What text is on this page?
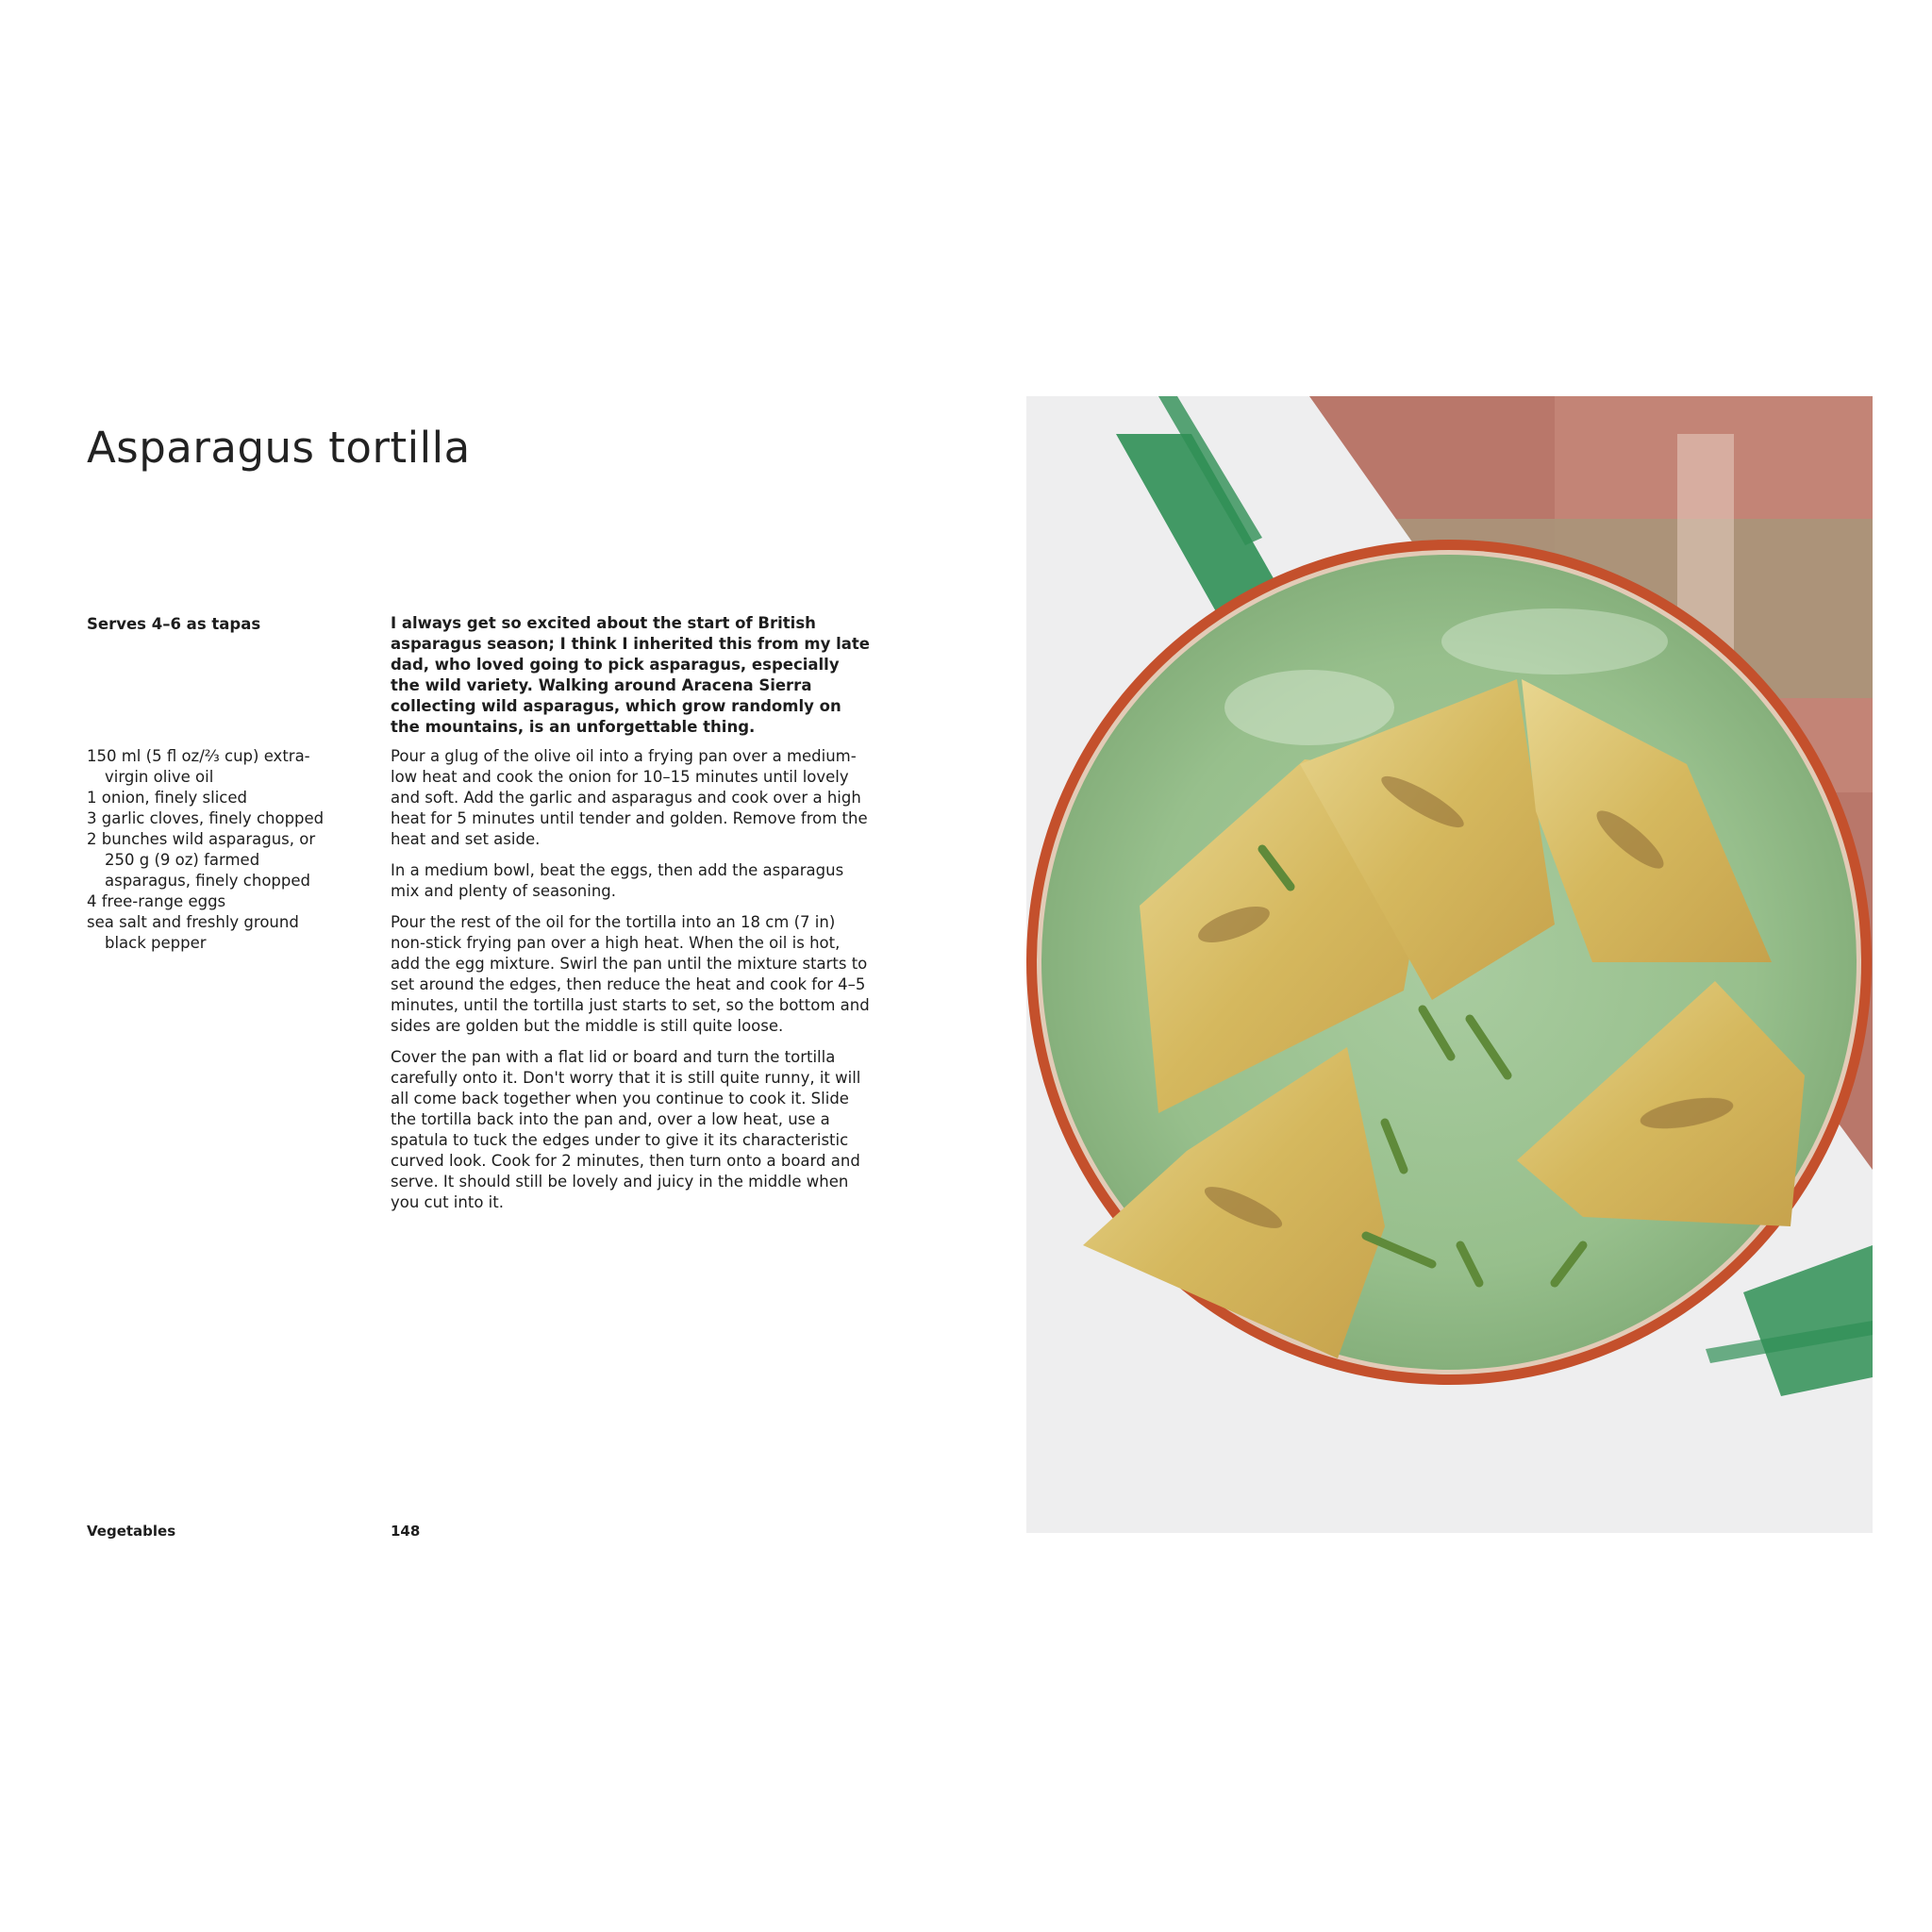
Asparagus tortilla

Serves 4–6 as tapas	I always get so excited about the start of British asparagus season; I think I inherited this from my late dad, who loved going to pick asparagus, especially the wild variety. Walking around Aracena Sierra collecting wild asparagus, which grow randomly on the mountains, is an unforgettable thing.

150 ml (5 fl oz/⅔ cup) extra-virgin olive oil
1 onion, finely sliced
3 garlic cloves, finely chopped
2 bunches wild asparagus, or 250 g (9 oz) farmed asparagus, finely chopped
4 free-range eggs
sea salt and freshly ground black pepper

Pour a glug of the olive oil into a frying pan over a medium-low heat and cook the onion for 10–15 minutes until lovely and soft. Add the garlic and asparagus and cook over a high heat for 5 minutes until tender and golden. Remove from the heat and set aside.

In a medium bowl, beat the eggs, then add the asparagus mix and plenty of seasoning.

Pour the rest of the oil for the tortilla into an 18 cm (7 in) non-stick frying pan over a high heat. When the oil is hot, add the egg mixture. Swirl the pan until the mixture starts to set around the edges, then reduce the heat and cook for 4–5 minutes, until the tortilla just starts to set, so the bottom and sides are golden but the middle is still quite loose.

Cover the pan with a flat lid or board and turn the tortilla carefully onto it. Don't worry that it is still quite runny, it will all come back together when you continue to cook it. Slide the tortilla back into the pan and, over a low heat, use a spatula to tuck the edges under to give it its characteristic curved look. Cook for 2 minutes, then turn onto a board and serve. It should still be lovely and juicy in the middle when you cut into it.

Vegetables	148
